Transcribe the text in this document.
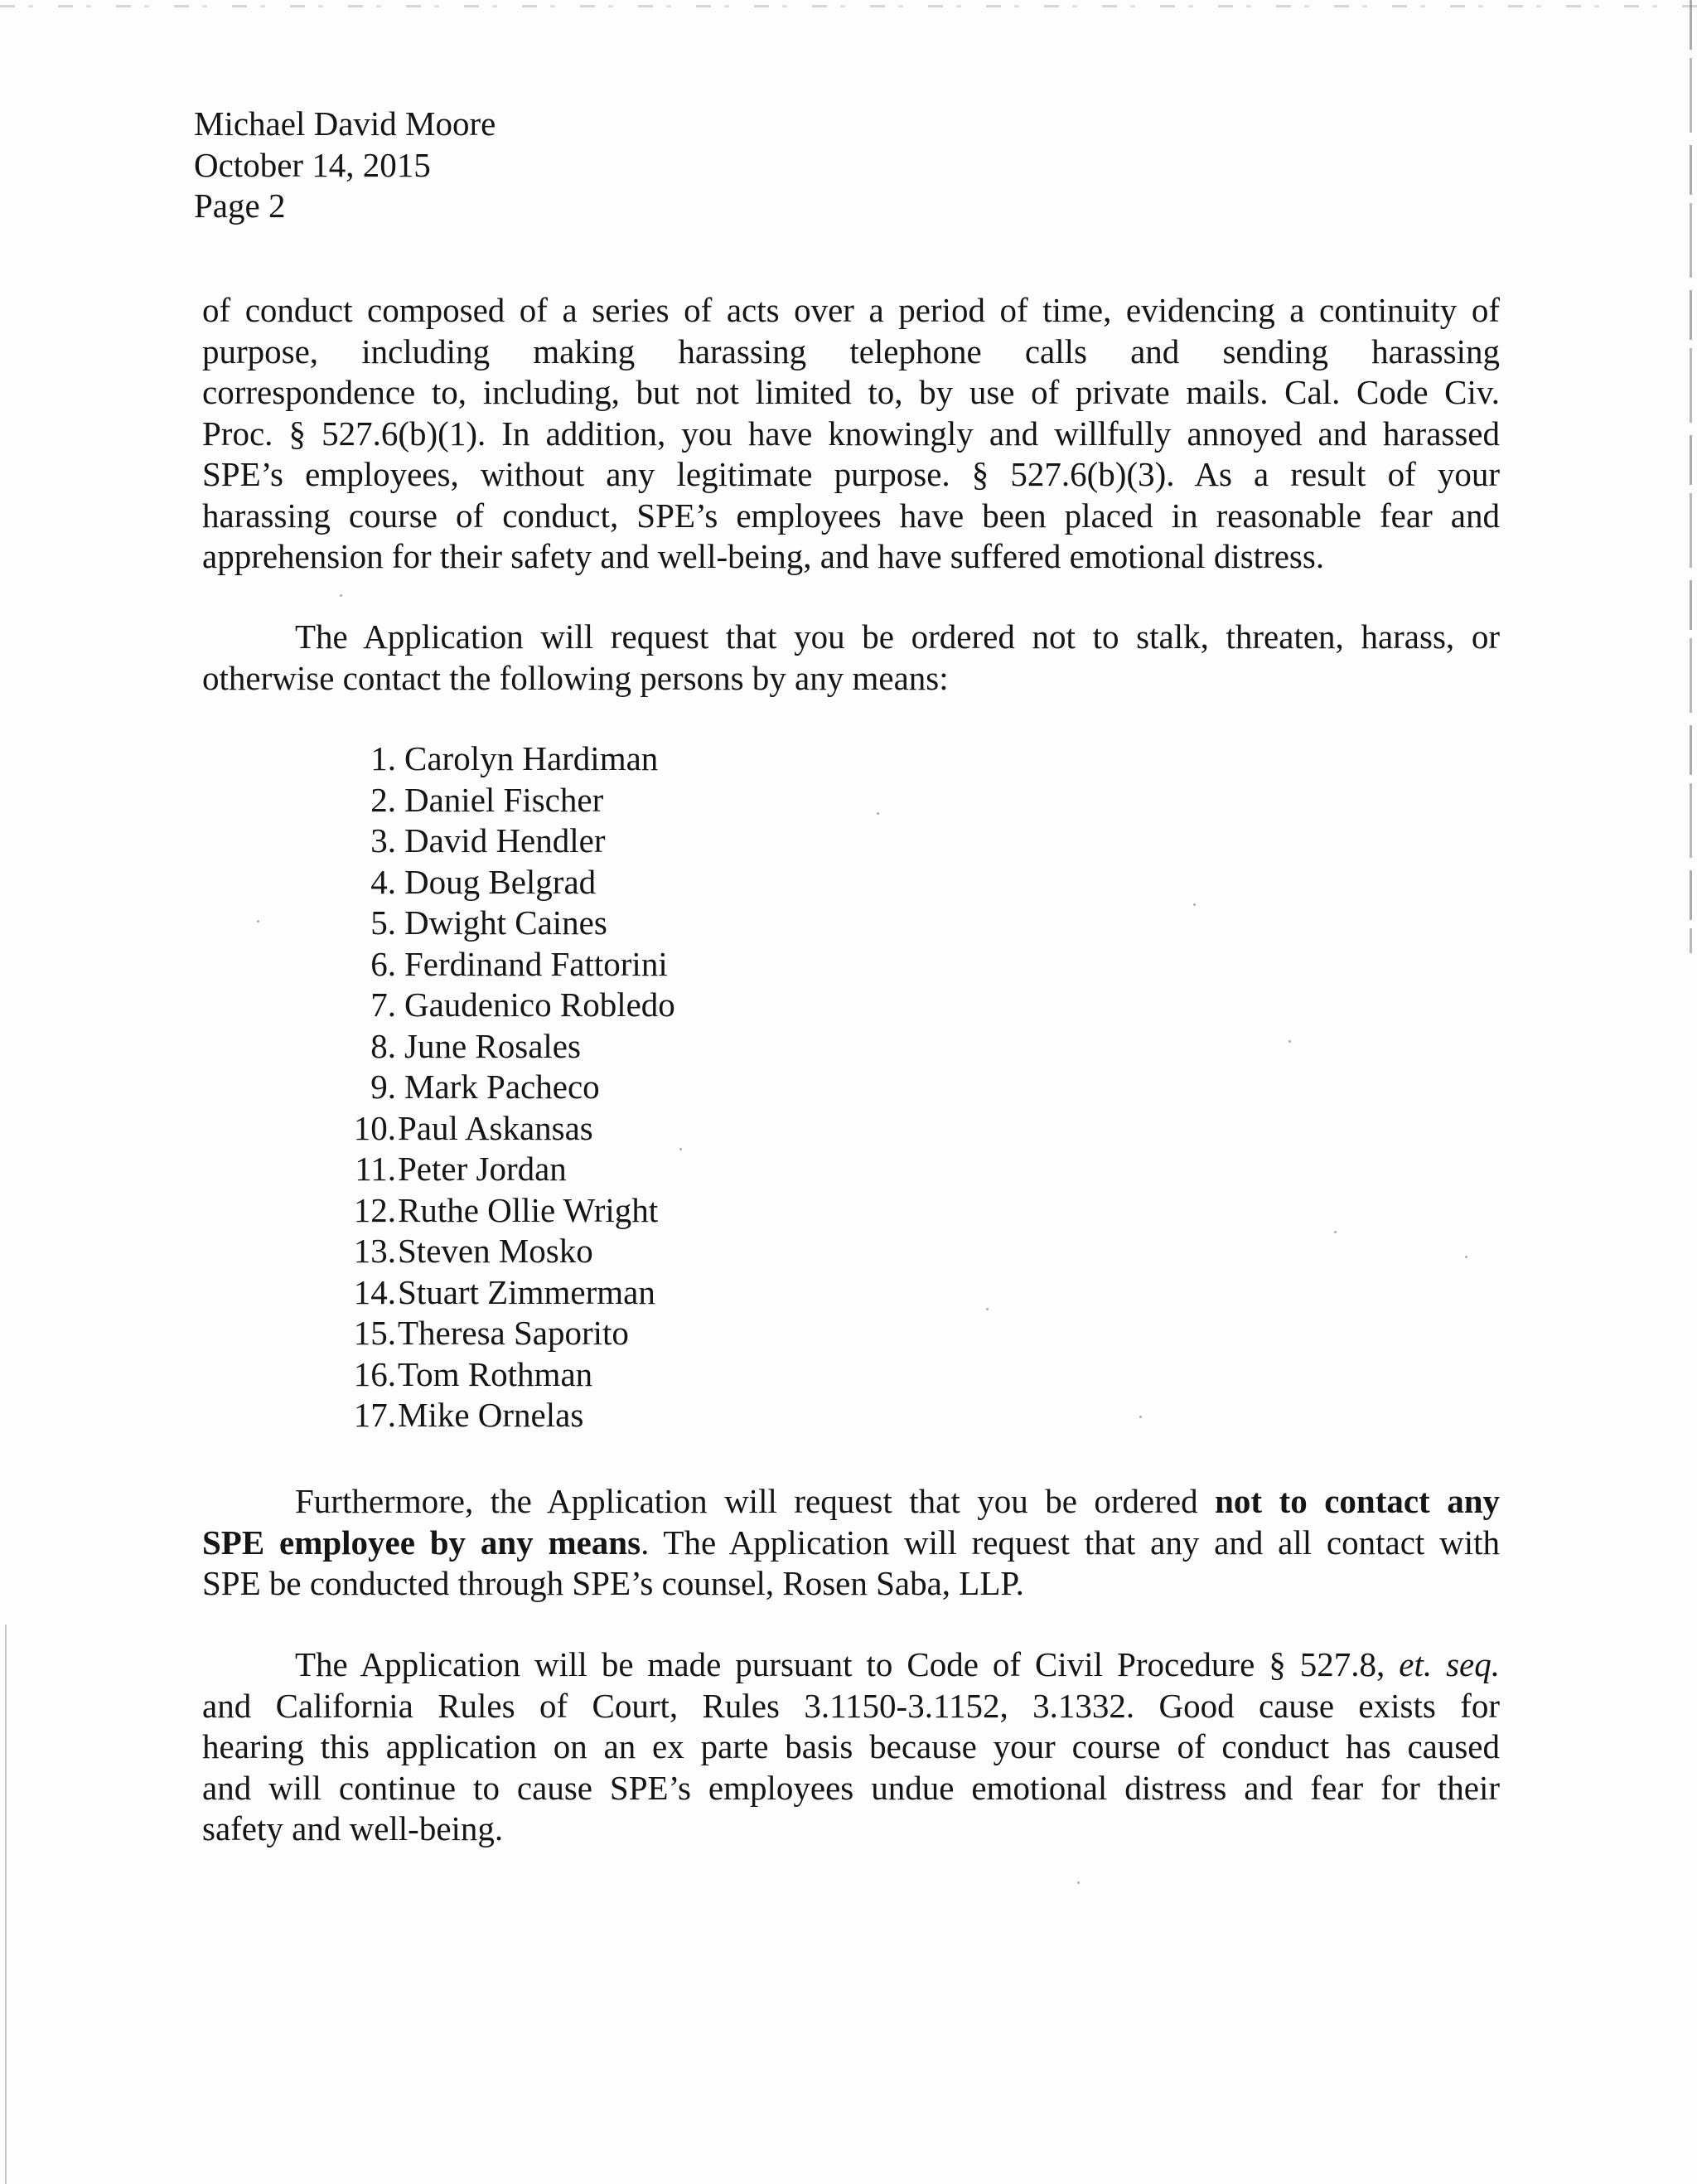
Michael David Moore
October 14, 2015
Page 2
of conduct composed of a series of acts over a period of time, evidencing a continuity of
purpose, including making harassing telephone calls and sending harassing
correspondence to, including, but not limited to, by use of private mails. Cal. Code Civ.
Proc. § 527.6(b)(1). In addition, you have knowingly and willfully annoyed and harassed
SPE’s employees, without any legitimate purpose. § 527.6(b)(3). As a result of your
harassing course of conduct, SPE’s employees have been placed in reasonable fear and
apprehension for their safety and well-being, and have suffered emotional distress.
The Application will request that you be ordered not to stalk, threaten, harass, or
otherwise contact the following persons by any means:
1. Carolyn Hardiman
2. Daniel Fischer
3. David Hendler
4. Doug Belgrad
5. Dwight Caines
6. Ferdinand Fattorini
7. Gaudenico Robledo
8. June Rosales
9. Mark Pacheco
10.Paul Askansas
11.Peter Jordan
12.Ruthe Ollie Wright
13.Steven Mosko
14.Stuart Zimmerman
15.Theresa Saporito
16.Tom Rothman
17.Mike Ornelas
Furthermore, the Application will request that you be ordered not to contact any
SPE employee by any means. The Application will request that any and all contact with
SPE be conducted through SPE’s counsel, Rosen Saba, LLP.
The Application will be made pursuant to Code of Civil Procedure § 527.8, et. seq.
and California Rules of Court, Rules 3.1150-3.1152, 3.1332. Good cause exists for
hearing this application on an ex parte basis because your course of conduct has caused
and will continue to cause SPE’s employees undue emotional distress and fear for their
safety and well-being.
